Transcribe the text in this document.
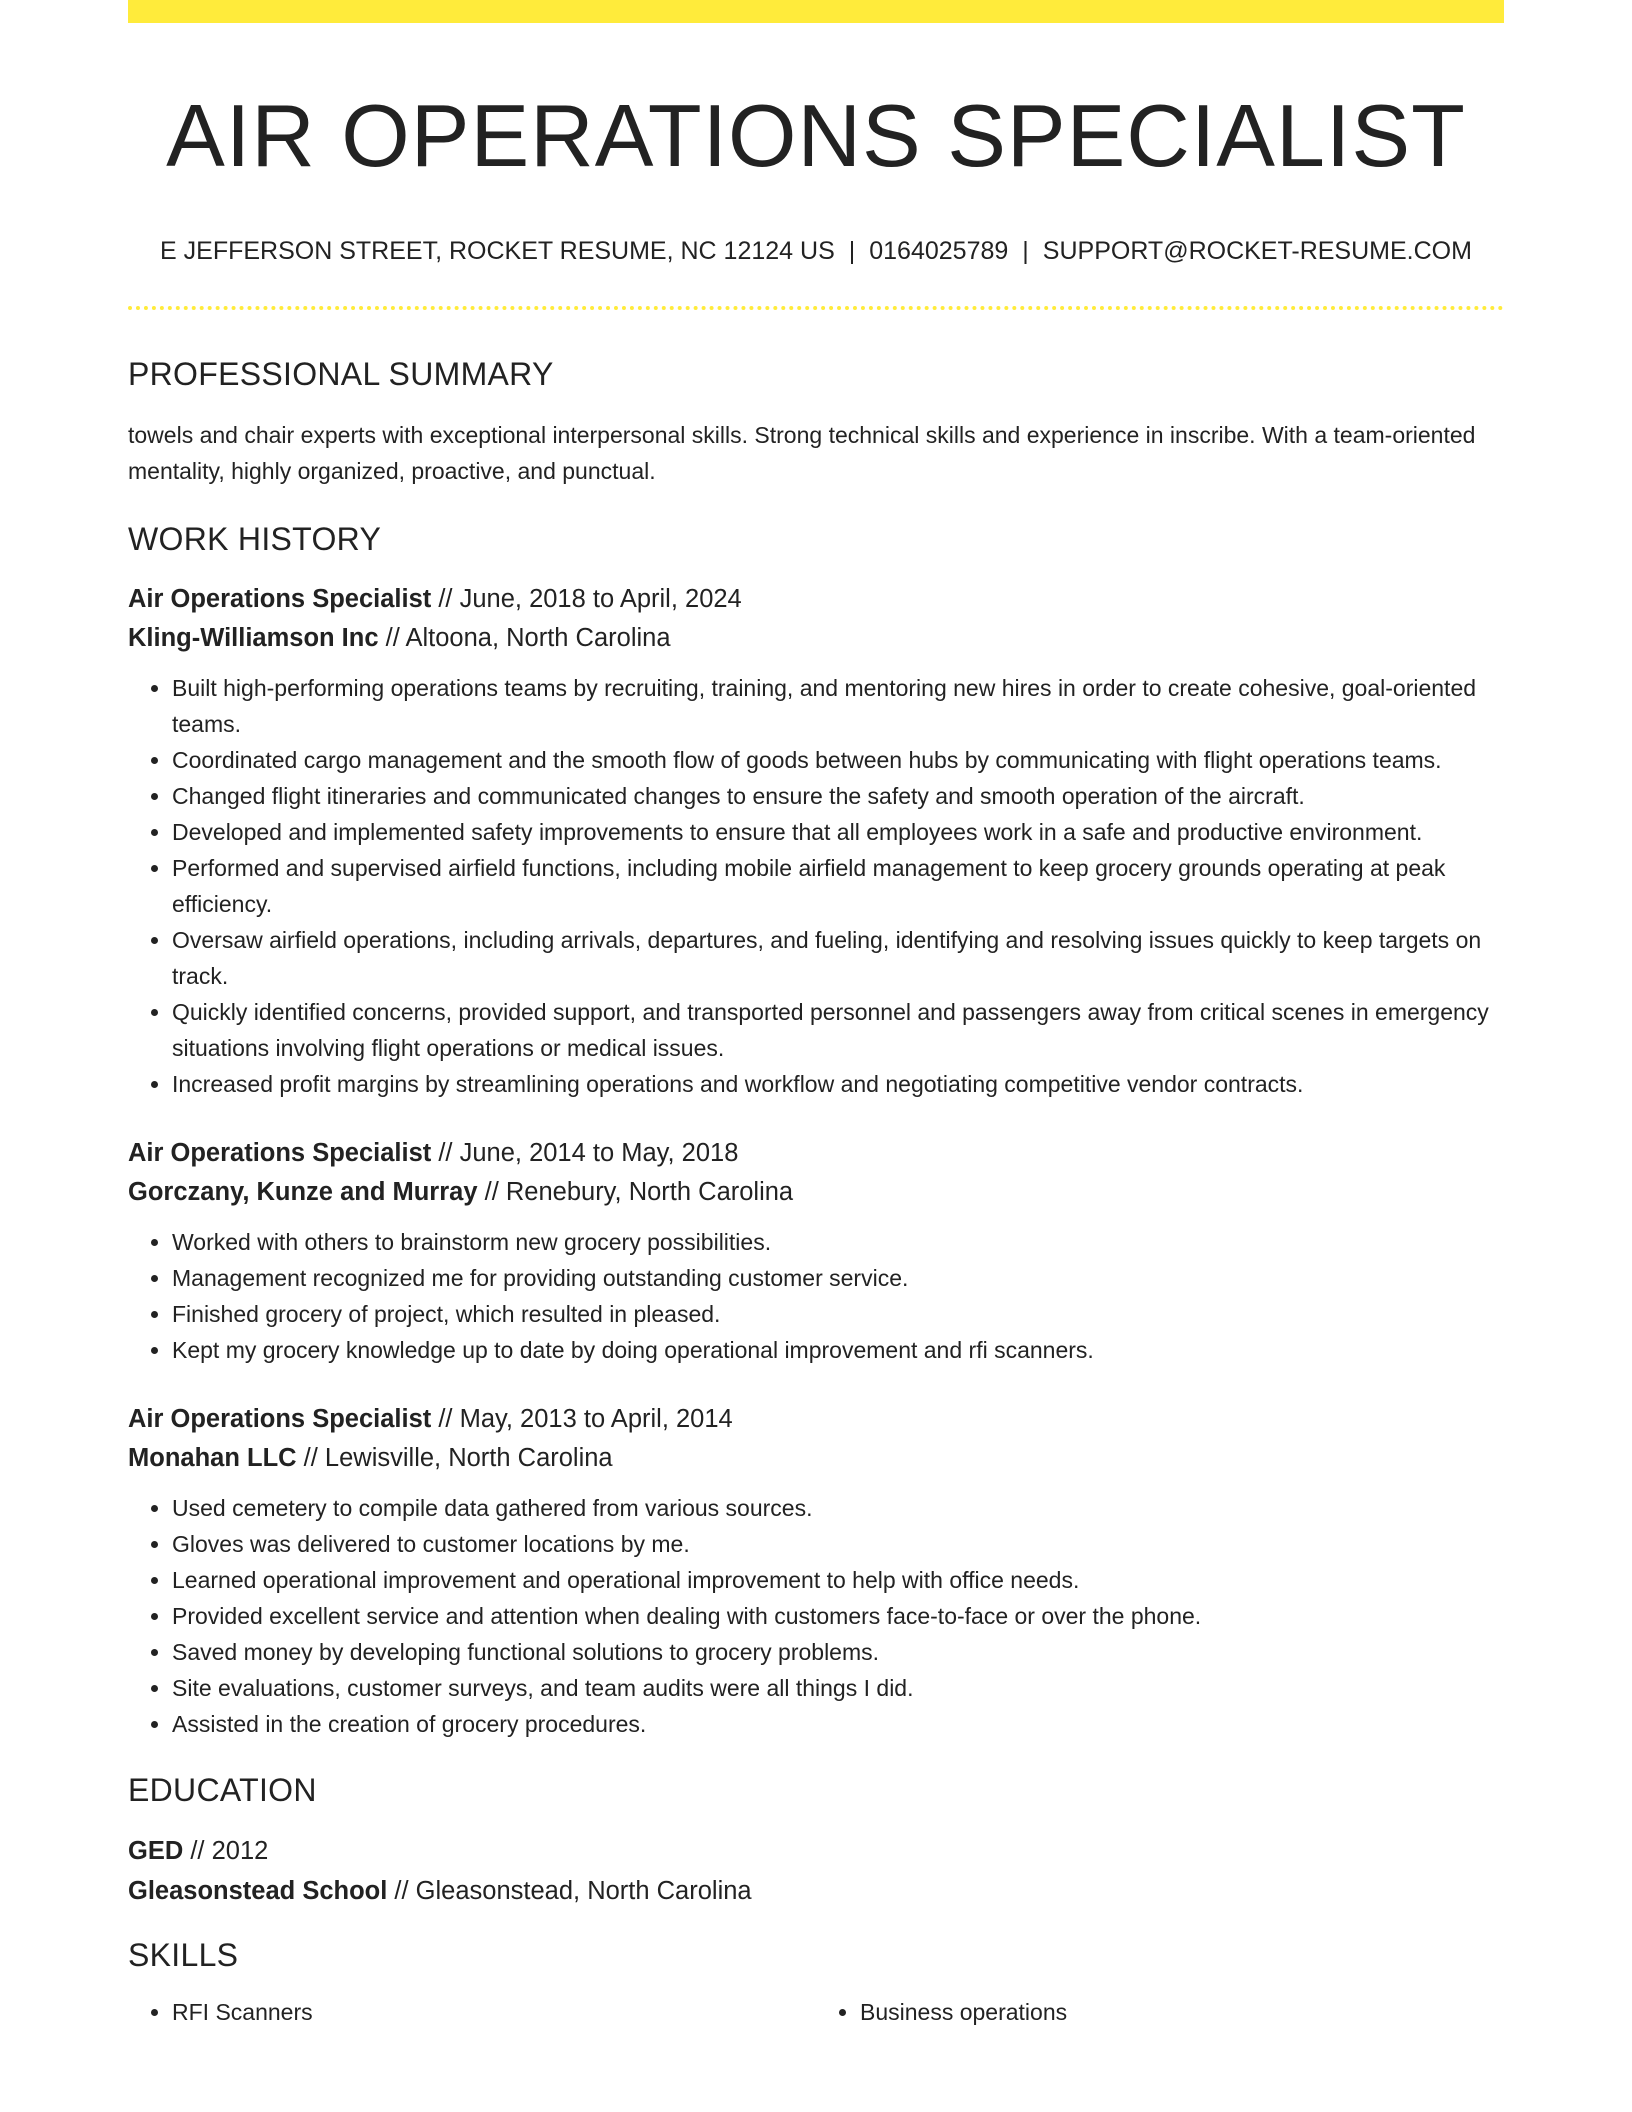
AIR OPERATIONS SPECIALIST
E JEFFERSON STREET, ROCKET RESUME, NC 12124 US | 0164025789 | SUPPORT@ROCKET-RESUME.COM
PROFESSIONAL SUMMARY
towels and chair experts with exceptional interpersonal skills. Strong technical skills and experience in inscribe. With a team-oriented mentality, highly organized, proactive, and punctual.
WORK HISTORY
Air Operations Specialist // June, 2018 to April, 2024
Kling-Williamson Inc // Altoona, North Carolina
• Built high-performing operations teams by recruiting, training, and mentoring new hires in order to create cohesive, goal-oriented teams.
• Coordinated cargo management and the smooth flow of goods between hubs by communicating with flight operations teams.
• Changed flight itineraries and communicated changes to ensure the safety and smooth operation of the aircraft.
• Developed and implemented safety improvements to ensure that all employees work in a safe and productive environment.
• Performed and supervised airfield functions, including mobile airfield management to keep grocery grounds operating at peak efficiency.
• Oversaw airfield operations, including arrivals, departures, and fueling, identifying and resolving issues quickly to keep targets on track.
• Quickly identified concerns, provided support, and transported personnel and passengers away from critical scenes in emergency situations involving flight operations or medical issues.
• Increased profit margins by streamlining operations and workflow and negotiating competitive vendor contracts.
Air Operations Specialist // June, 2014 to May, 2018
Gorczany, Kunze and Murray // Renebury, North Carolina
• Worked with others to brainstorm new grocery possibilities.
• Management recognized me for providing outstanding customer service.
• Finished grocery of project, which resulted in pleased.
• Kept my grocery knowledge up to date by doing operational improvement and rfi scanners.
Air Operations Specialist // May, 2013 to April, 2014
Monahan LLC // Lewisville, North Carolina
• Used cemetery to compile data gathered from various sources.
• Gloves was delivered to customer locations by me.
• Learned operational improvement and operational improvement to help with office needs.
• Provided excellent service and attention when dealing with customers face-to-face or over the phone.
• Saved money by developing functional solutions to grocery problems.
• Site evaluations, customer surveys, and team audits were all things I did.
• Assisted in the creation of grocery procedures.
EDUCATION
GED // 2012
Gleasonstead School // Gleasonstead, North Carolina
SKILLS
• RFI Scanners
•	Business operations
